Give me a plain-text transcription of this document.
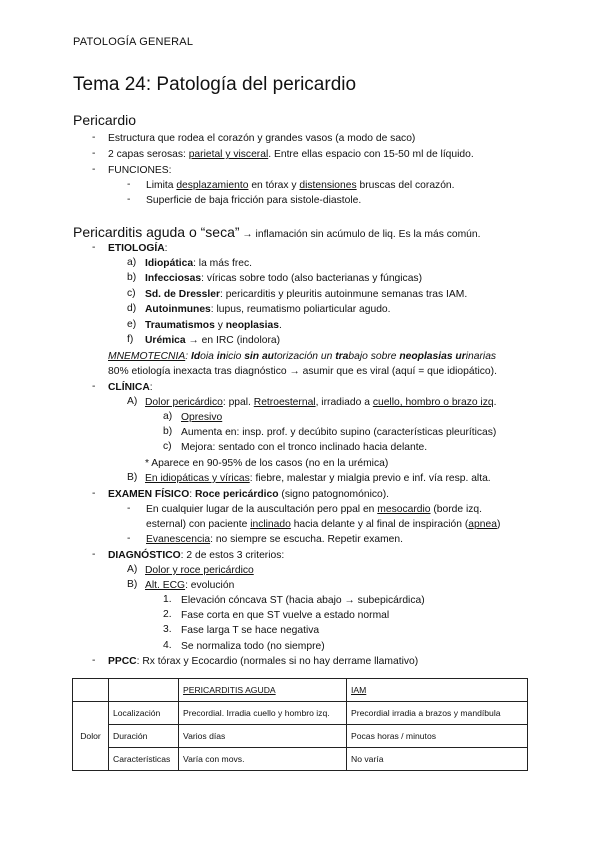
PATOLOGÍA GENERAL
Tema 24: Patología del pericardio
Pericardio
- Estructura que rodea el corazón y grandes vasos (a modo de saco)
- 2 capas serosas: parietal y visceral. Entre ellas espacio con 15-50 ml de líquido.
- FUNCIONES:
- Limita desplazamiento en tórax y distensiones bruscas del corazón.
- Superficie de baja fricción para sistole-diastole.
Pericarditis aguda o “seca” → inflamación sin acúmulo de liq. Es la más común.
- ETIOLOGÍA:
a) Idiopática: la más frec.
b) Infecciosas: víricas sobre todo (also bacterianas y fúngicas)
c) Sd. de Dressler: pericarditis y pleuritis autoinmune semanas tras IAM.
d) Autoinmunes: lupus, reumatismo poliarticular agudo.
e) Traumatismos y neoplasias.
f) Urémica → en IRC (indolora)
MNEMOTECNIA: Idoia inicio sin autorización un trabajo sobre neoplasias urinarias
80% etiología inexacta tras diagnóstico → asumir que es viral (aquí = que idiopático).
- CLÍNICA:
A) Dolor pericárdico: ppal. Retroesternal, irradiado a cuello, hombro o brazo izq.
a) Opresivo
b) Aumenta en: insp. prof. y decúbito supino (características pleuríticas)
c) Mejora: sentado con el tronco inclinado hacia delante.
* Aparece en 90-95% de los casos (no en la urémica)
B) En idiopáticas y víricas: fiebre, malestar y mialgia previo e inf. vía resp. alta.
- EXAMEN FÍSICO: Roce pericárdico (signo patognomónico).
- En cualquier lugar de la auscultación pero ppal en mesocardio (borde izq.
esternal) con paciente inclinado hacia delante y al final de inspiración (apnea)
- Evanescencia: no siempre se escucha. Repetir examen.
- DIAGNÓSTICO: 2 de estos 3 criterios:
A) Dolor y roce pericárdico
B) Alt. ECG: evolución
1. Elevación cóncava ST (hacia abajo → subepicárdica)
2. Fase corta en que ST vuelve a estado normal
3. Fase larga T se hace negativa
4. Se normaliza todo (no siempre)
- PPCC: Rx tórax y Ecocardio (normales si no hay derrame llamativo)
		PERICARDITIS AGUDA	IAM
Dolor	Localización	Precordial. Irradia cuello y hombro izq.	Precordial irradia a brazos y mandíbula
	Duración	Varios días	Pocas horas / minutos
	Características	Varía con movs.	No varía
